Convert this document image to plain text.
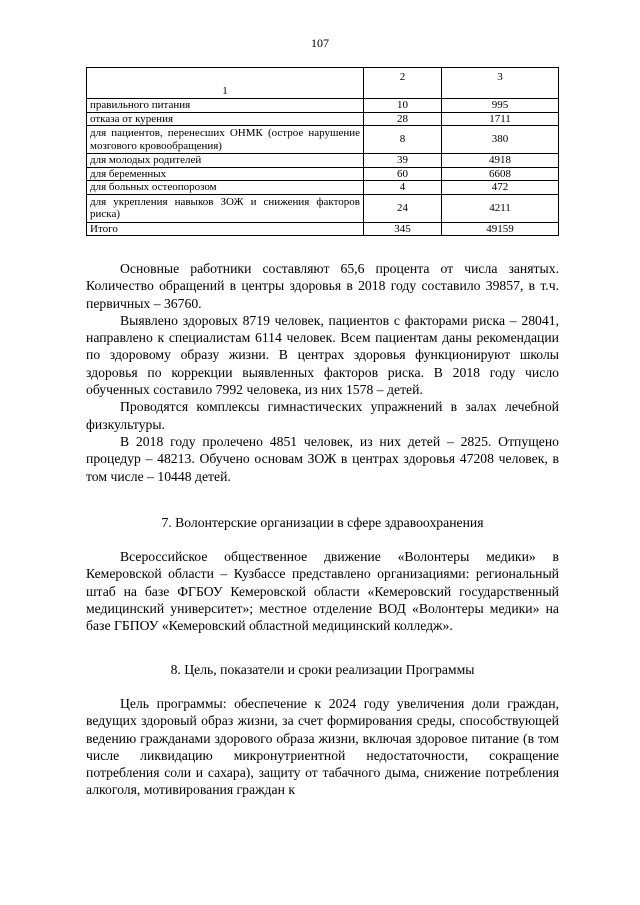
107
1	2	3
правильного питания	10	995
отказа от курения	28	1711
для пациентов, перенесших ОНМК (острое нарушение мозгового кровообращения)	8	380
для молодых родителей	39	4918
для беременных	60	6608
для больных остеопорозом	4	472
для укрепления навыков ЗОЖ и снижения факторов риска)	24	4211
Итого	345	49159

Основные работники составляют 65,6 процента от числа занятых. Количество обращений в центры здоровья в 2018 году составило 39857, в т.ч. первичных – 36760.

Выявлено здоровых 8719 человек, пациентов с факторами риска – 28041, направлено к специалистам 6114 человек. Всем пациентам даны рекомендации по здоровому образу жизни. В центрах здоровья функционируют школы здоровья по коррекции выявленных факторов риска. В 2018 году число обученных составило 7992 человека, из них 1578 – детей.

Проводятся комплексы гимнастических упражнений в залах лечебной физкультуры.

В 2018 году пролечено 4851 человек, из них детей – 2825. Отпущено процедур – 48213. Обучено основам ЗОЖ в центрах здоровья 47208 человек, в том числе – 10448 детей.

7. Волонтерские организации в сфере здравоохранения

Всероссийское общественное движение «Волонтеры медики» в Кемеровской области – Кузбассе представлено организациями: региональный штаб на базе ФГБОУ Кемеровской области «Кемеровский государственный медицинский университет»; местное отделение ВОД «Волонтеры медики» на базе ГБПОУ «Кемеровский областной медицинский колледж».

8. Цель, показатели и сроки реализации Программы

Цель программы: обеспечение к 2024 году увеличения доли граждан, ведущих здоровый образ жизни, за счет формирования среды, способствующей ведению гражданами здорового образа жизни, включая здоровое питание (в том числе ликвидацию микронутриентной недостаточности, сокращение потребления соли и сахара), защиту от табачного дыма, снижение потребления алкоголя, мотивирования граждан к
